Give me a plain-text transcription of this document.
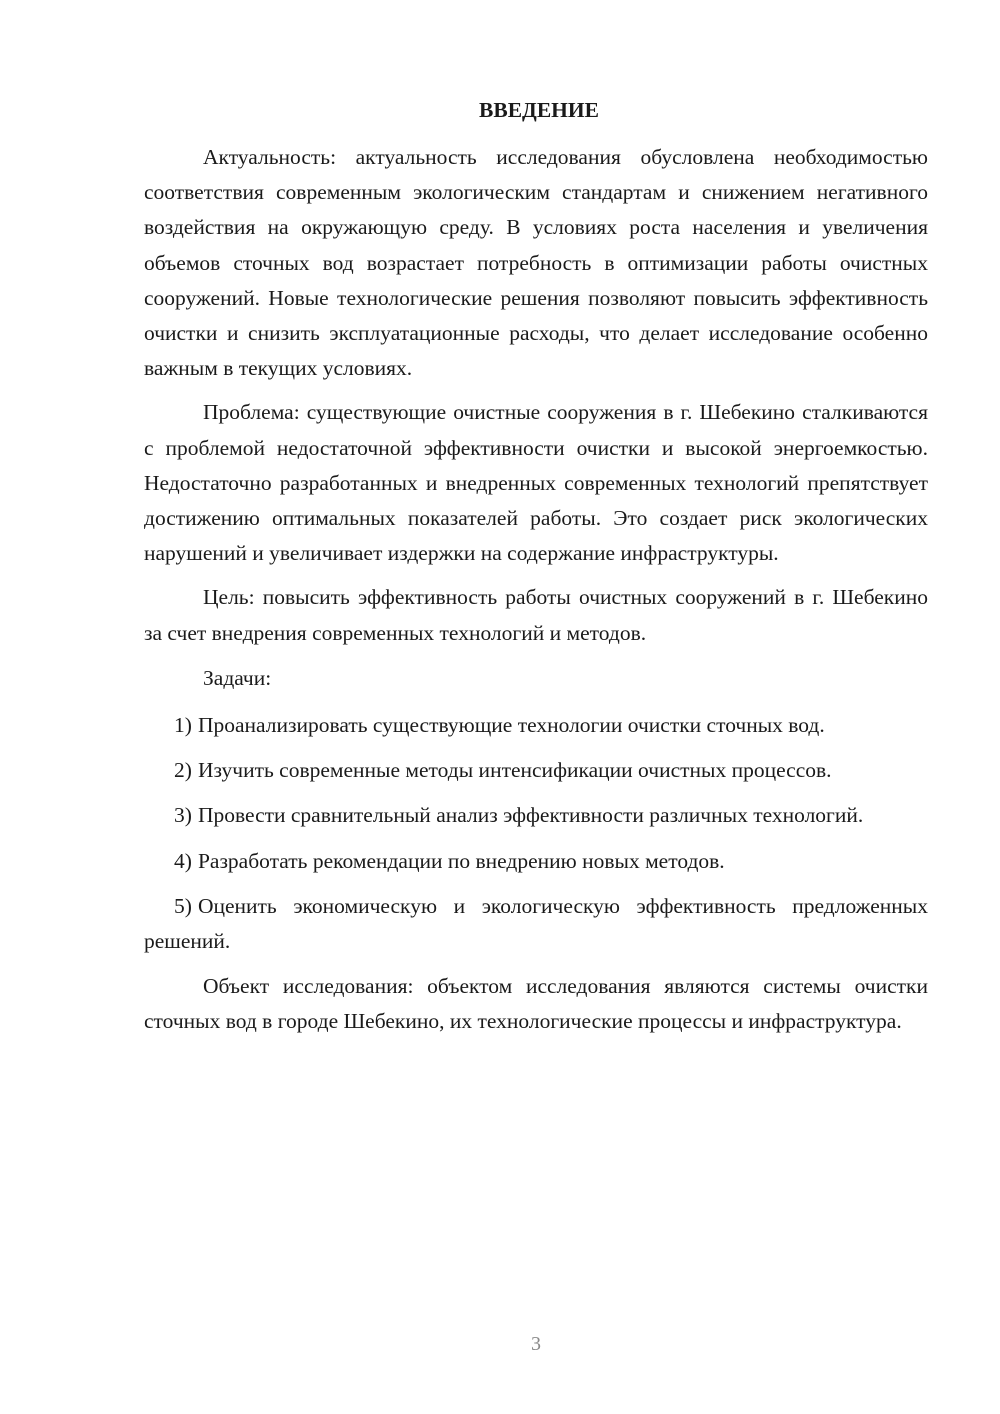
ВВЕДЕНИЕ

Актуальность: актуальность исследования обусловлена необходимостью соответствия современным экологическим стандартам и снижением негативного воздействия на окружающую среду. В условиях роста населения и увеличения объемов сточных вод возрастает потребность в оптимизации работы очистных сооружений. Новые технологические решения позволяют повысить эффективность очистки и снизить эксплуатационные расходы, что делает исследование особенно важным в текущих условиях.

Проблема: существующие очистные сооружения в г. Шебекино сталкиваются с проблемой недостаточной эффективности очистки и высокой энергоемкостью. Недостаточно разработанных и внедренных современных технологий препятствует достижению оптимальных показателей работы. Это создает риск экологических нарушений и увеличивает издержки на содержание инфраструктуры.

Цель: повысить эффективность работы очистных сооружений в г. Шебекино за счет внедрения современных технологий и методов.

Задачи:

1) Проанализировать существующие технологии очистки сточных вод.
2) Изучить современные методы интенсификации очистных процессов.
3) Провести сравнительный анализ эффективности различных технологий.
4) Разработать рекомендации по внедрению новых методов.
5) Оценить экономическую и экологическую эффективность предложенных решений.

Объект исследования: объектом исследования являются системы очистки сточных вод в городе Шебекино, их технологические процессы и инфраструктура.

3
